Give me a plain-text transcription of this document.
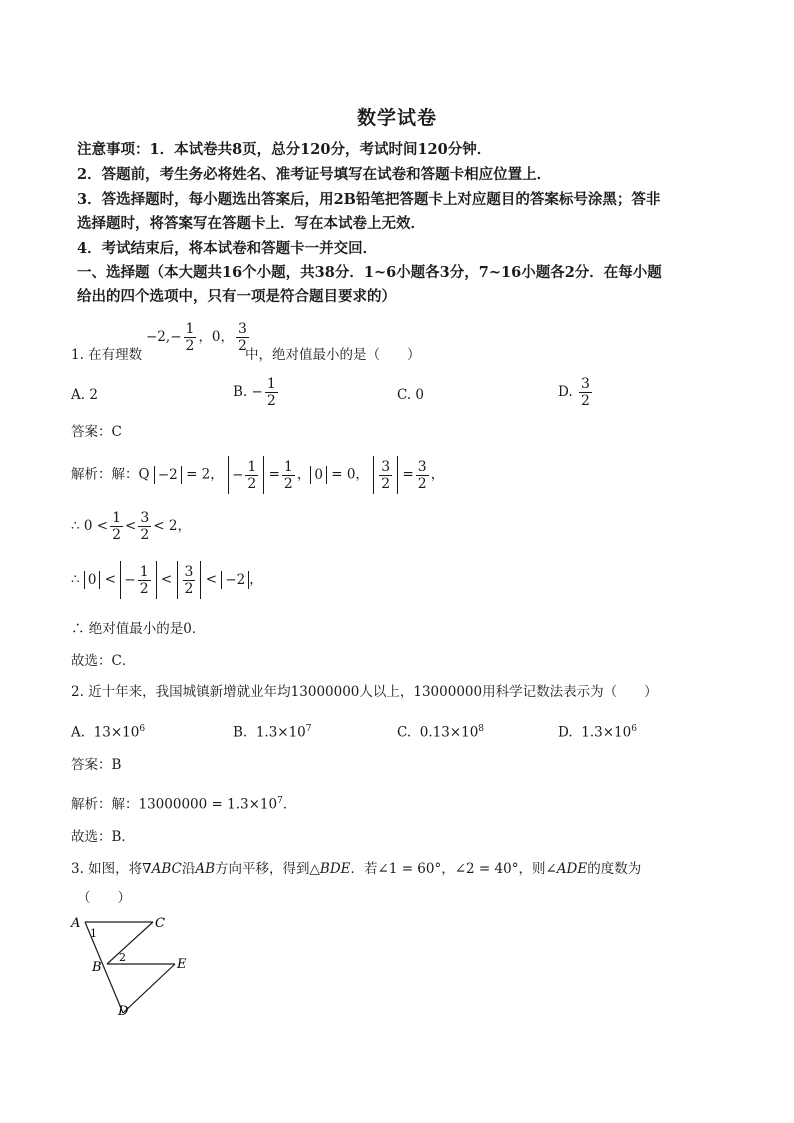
数学试卷
注意事项：1．本试卷共8页，总分120分，考试时间120分钟．
2．答题前，考生务必将姓名、准考证号填写在试卷和答题卡相应位置上．
3．答选择题时，每小题选出答案后，用2B铅笔把答题卡上对应题目的答案标号涂黑；答非
选择题时，将答案写在答题卡上．写在本试卷上无效．
4．考试结束后，将本试卷和答题卡一并交回．
一、选择题（本大题共16个小题，共38分．1~6小题各3分，7~16小题各2分．在每小题
给出的四个选项中，只有一项是符合题目要求的）
1. 在有理数
$-2,- \frac{1}{2}$ ，0， $\frac{3}{2}$
中，绝对值最小的是（　　）
A. 2	B. − $\frac{1}{2}$	C. 0	D. $\frac{3}{2}$
答案：C
解析：解：Q −2 = 2， − $\frac{1}{2} = \frac{1}{2}$ ， 0 = 0， $\frac{3}{2} = \frac{3}{2}$ ，
∴ $0 < \frac{1}{2} < \frac{3}{2} < 2$，
∴ 0 < − $\frac{1}{2} < \frac{3}{2} < -2$ ，
∴ 绝对值最小的是0．
故选：C．
2. 近十年来，我国城镇新增就业年均13000000人以上，13000000用科学记数法表示为（　　）
A. $13\times 10^6$	B. $1.3\times 10^7$	C. $0.13\times 10^8$	D. $1.3\times 10^6$
答案：B
解析：解：$13000000 = 1.3\times 10^7$．
故选：B．
3. 如图，将∇ABC沿AB方向平移，得到△BDE．若∠1 = 60°，∠2 = 40°，则∠ADE的度数为
（　　）
A	C
1
2
B	E
D
